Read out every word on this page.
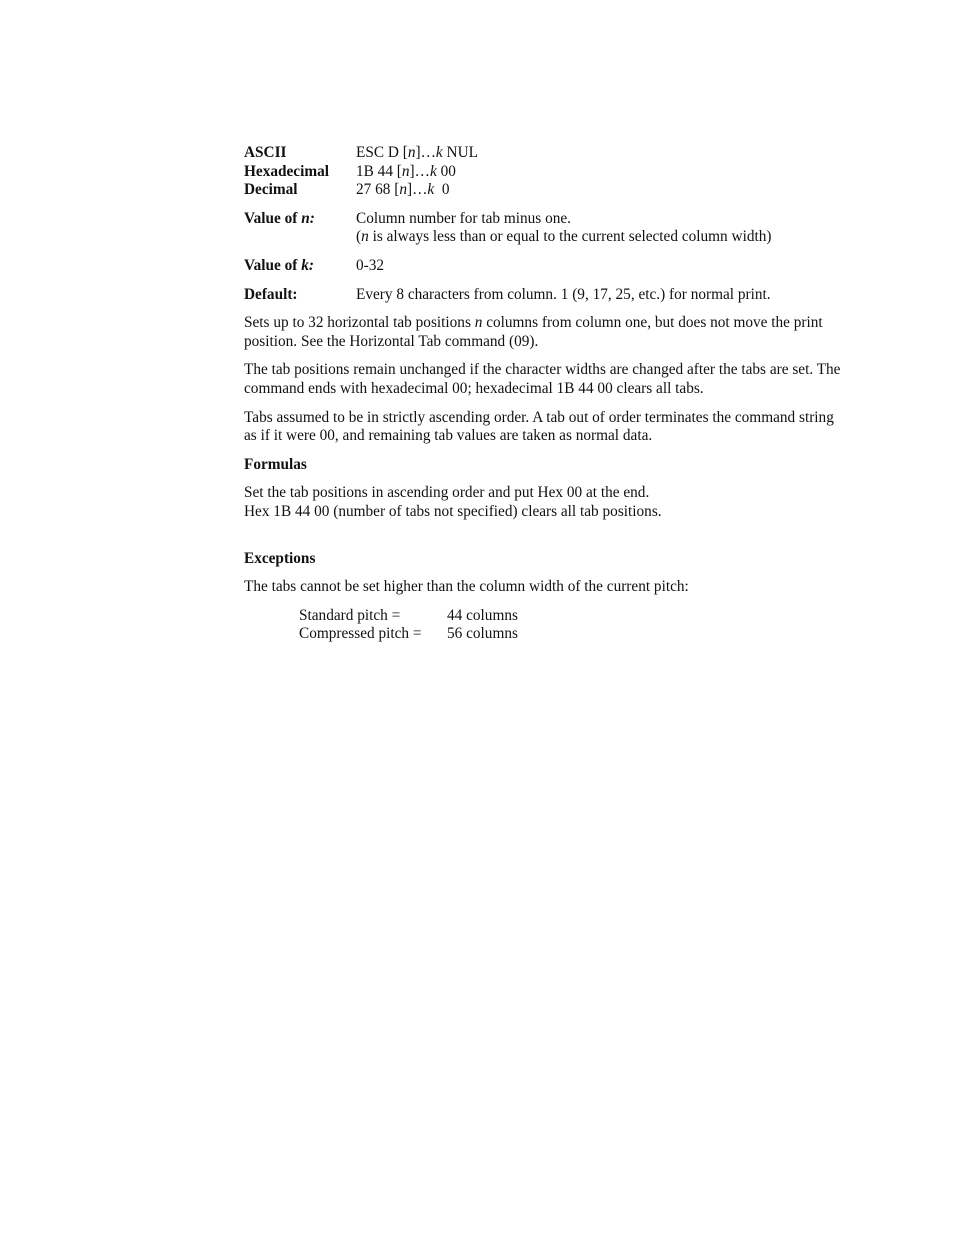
ASCII	ESC D [n]…k NUL
Hexadecimal	1B 44 [n]…k 00
Decimal	27 68 [n]…k  0
Value of n:	Column number for tab minus one.
(n is always less than or equal to the current selected column width)
Value of k:	0-32
Default:	Every 8 characters from column. 1 (9, 17, 25, etc.) for normal print.

Sets up to 32 horizontal tab positions n columns from column one, but does not move the print position. See the Horizontal Tab command (09).

The tab positions remain unchanged if the character widths are changed after the tabs are set. The command ends with hexadecimal 00; hexadecimal 1B 44 00 clears all tabs.

Tabs assumed to be in strictly ascending order. A tab out of order terminates the command string as if it were 00, and remaining tab values are taken as normal data.

Formulas

Set the tab positions in ascending order and put Hex 00 at the end.
Hex 1B 44 00 (number of tabs not specified) clears all tab positions.

Exceptions

The tabs cannot be set higher than the column width of the current pitch:

Standard pitch =	44 columns
Compressed pitch =	56 columns
